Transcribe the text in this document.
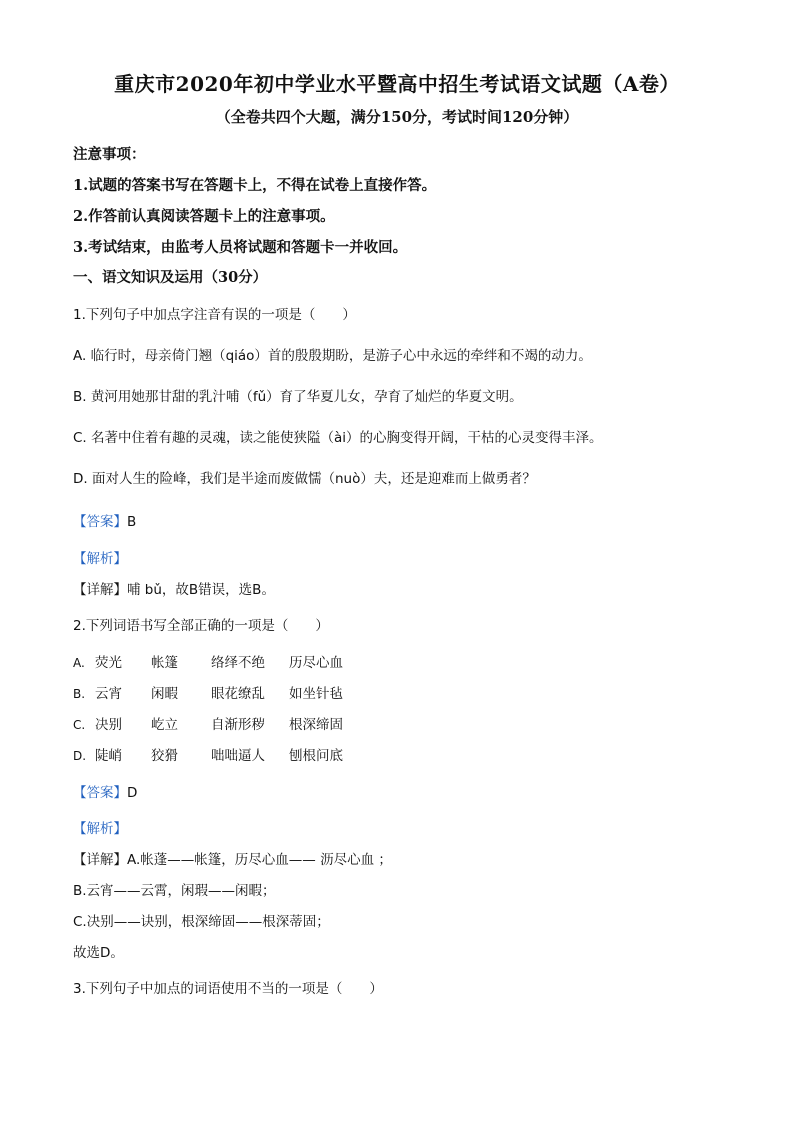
重庆市2020年初中学业水平暨高中招生考试语文试题（A卷）
（全卷共四个大题，满分150分，考试时间120分钟）
注意事项：
1.试题的答案书写在答题卡上，不得在试卷上直接作答。
2.作答前认真阅读答题卡上的注意事项。
3.考试结束，由监考人员将试题和答题卡一并收回。
一、语文知识及运用（30分）
1.下列句子中加点字注音有误的一项是（　　）
A. 临行时，母亲倚门翘（qiáo）首的殷殷期盼，是游子心中永远的牵绊和不竭的动力。
B. 黄河用她那甘甜的乳汁哺（fǔ）育了华夏儿女，孕育了灿烂的华夏文明。
C. 名著中住着有趣的灵魂，读之能使狭隘（ài）的心胸变得开阔，干枯的心灵变得丰泽。
D. 面对人生的险峰，我们是半途而废做懦（nuò）夫，还是迎难而上做勇者？
【答案】B
【解析】
【详解】哺 bǔ，故B错误，选B。
2.下列词语书写全部正确的一项是（　　）
A. 荧光 帐篷 络绎不绝 历尽心血
B. 云宵 闲暇 眼花缭乱 如坐针毡
C. 决别 屹立 自渐形秽 根深缔固
D. 陡峭 狡猾 咄咄逼人 刨根问底
【答案】D
【解析】
【详解】A.帐蓬——帐篷，历尽心血—— 沥尽心血 ；
B.云宵——云霄，闲瑕——闲暇；
C.决别——诀别，根深缔固——根深蒂固；
故选D。
3.下列句子中加点的词语使用不当的一项是（　　）
